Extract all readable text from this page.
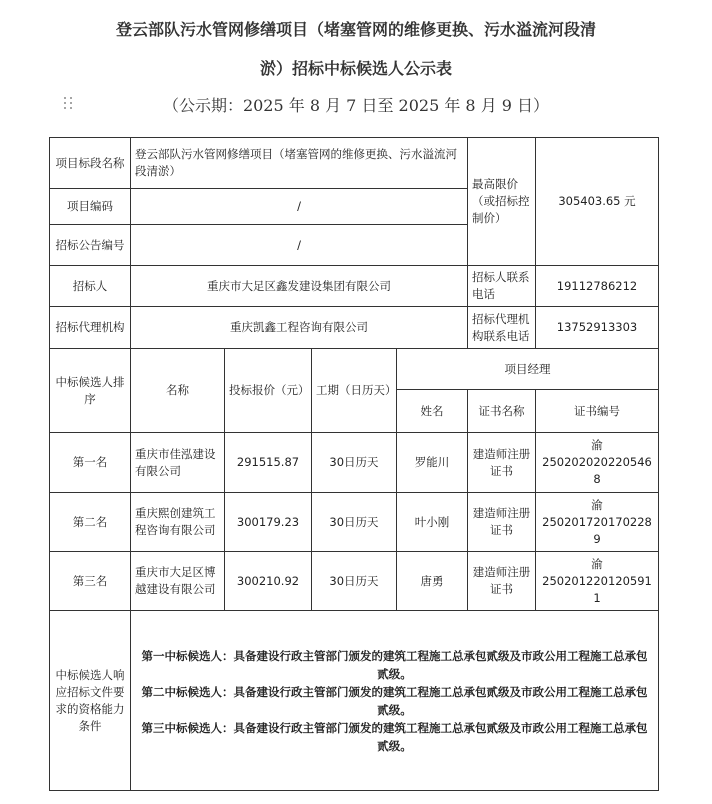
登云部队污水管网修缮项目（堵塞管网的维修更换、污水溢流河段清
淤）招标中标候选人公示表
（公示期：2025 年 8 月 7 日至 2025 年 8 月 9 日）
项目标段名称	登云部队污水管网修缮项目（堵塞管网的维修更换、污水溢流河段清淤）				最高限价（或招标控制价）	305403.65 元
项目编码	/					
招标公告编号	/					
招标人	重庆市大足区鑫发建设集团有限公司				招标人联系电话	19112786212
招标代理机构	重庆凯鑫工程咨询有限公司				招标代理机构联系电话	13752913303
中标候选人排序	名称	投标报价（元）	工期（日历天）	项目经理		
				姓名	证书名称	证书编号
第一名	重庆市佳泓建设有限公司	291515.87	30日历天	罗能川	建造师注册证书	渝
2502020202205468
第二名	重庆熙创建筑工程咨询有限公司	300179.23	30日历天	叶小刚	建造师注册证书	渝
2502017201702289
第三名	重庆市大足区博越建设有限公司	300210.92	30日历天	唐勇	建造师注册证书	渝
2502012201205911
中标候选人响应招标文件要求的资格能力条件	第一中标候选人：具备建设行政主管部门颁发的建筑工程施工总承包贰级及市政公用工程施工总承包贰级。
第二中标候选人：具备建设行政主管部门颁发的建筑工程施工总承包贰级及市政公用工程施工总承包贰级。
第三中标候选人：具备建设行政主管部门颁发的建筑工程施工总承包贰级及市政公用工程施工总承包贰级。					
